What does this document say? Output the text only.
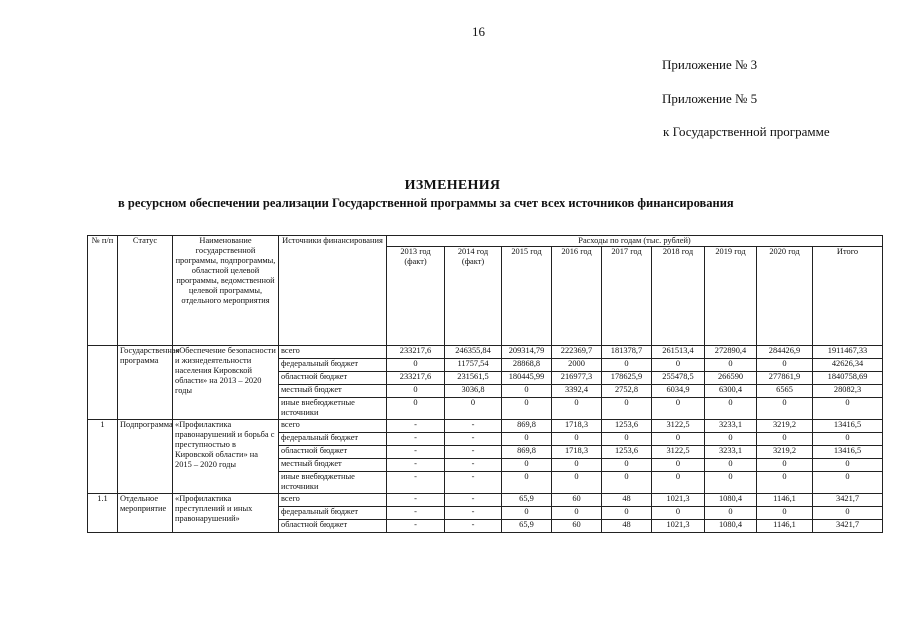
16
Приложение № 3
Приложение № 5
к Государственной программе
ИЗМЕНЕНИЯ
в ресурсном обеспечении реализации Государственной программы за счет всех источников финансирования
№ п/п	Статус	Наименование государственной программы, подпрограммы, областной целевой программы, ведомственной целевой программы, отдельного мероприятия	Источники финансирования	Расходы по годам (тыс. рублей)								
				2013 год (факт)	2014 год (факт)	2015 год	2016 год	2017 год	2018 год	2019 год	2020 год	Итого
	Государственная программа	«Обеспечение безопасности и жизнедеятельности населения Кировской области» на 2013 – 2020 годы	всего	233217,6	246355,84	209314,79	222369,7	181378,7	261513,4	272890,4	284426,9	1911467,33
			федеральный бюджет	0	11757,54	28868,8	2000	0	0	0	0	42626,34
			областной бюджет	233217,6	231561,5	180445,99	216977,3	178625,9	255478,5	266590	277861,9	1840758,69
			местный бюджет	0	3036,8	0	3392,4	2752,8	6034,9	6300,4	6565	28082,3
			иные внебюджетные источники	0	0	0	0	0	0	0	0	0
1	Подпрограмма	«Профилактика правонарушений и борьба с преступностью в Кировской области» на 2015 – 2020 годы	всего	-	-	869,8	1718,3	1253,6	3122,5	3233,1	3219,2	13416,5
			федеральный бюджет	-	-	0	0	0	0	0	0	0
			областной бюджет	-	-	869,8	1718,3	1253,6	3122,5	3233,1	3219,2	13416,5
			местный бюджет	-	-	0	0	0	0	0	0	0
			иные внебюджетные источники	-	-	0	0	0	0	0	0	0
1.1	Отдельное мероприятие	«Профилактика преступлений и иных правонарушений»	всего	-	-	65,9	60	48	1021,3	1080,4	1146,1	3421,7
			федеральный бюджет	-	-	0	0	0	0	0	0	0
			областной бюджет	-	-	65,9	60	48	1021,3	1080,4	1146,1	3421,7
